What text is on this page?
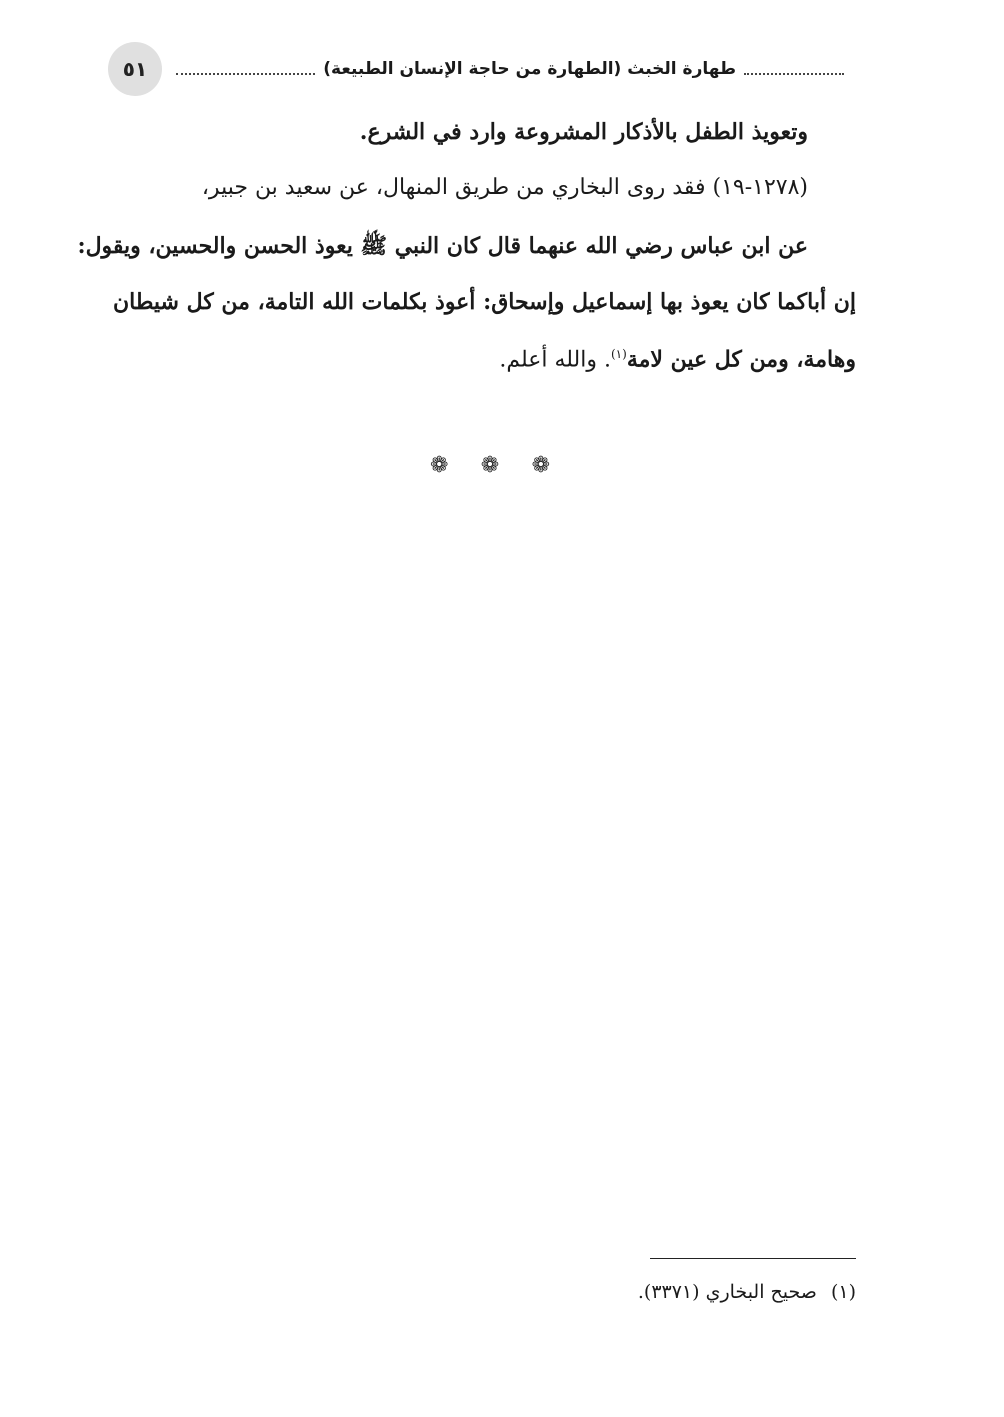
٥١	طهارة الخبث (الطهارة من حاجة الإنسان الطبيعة)
وتعويذ الطفل بالأذكار المشروعة وارد في الشرع.
(١٢٧٨-١٩) فقد روى البخاري من طريق المنهال، عن سعيد بن جبير،
عن ابن عباس رضي الله عنهما قال كان النبي ﷺ يعوذ الحسن والحسين، ويقول:
إن أباكما كان يعوذ بها إسماعيل وإسحاق: أعوذ بكلمات الله التامة، من كل شيطان
وهامة، ومن كل عين لامة$^{(١)}$. والله أعلم.
❁ ❁ ❁
(١)
صحيح البخاري (٣٣٧١).
